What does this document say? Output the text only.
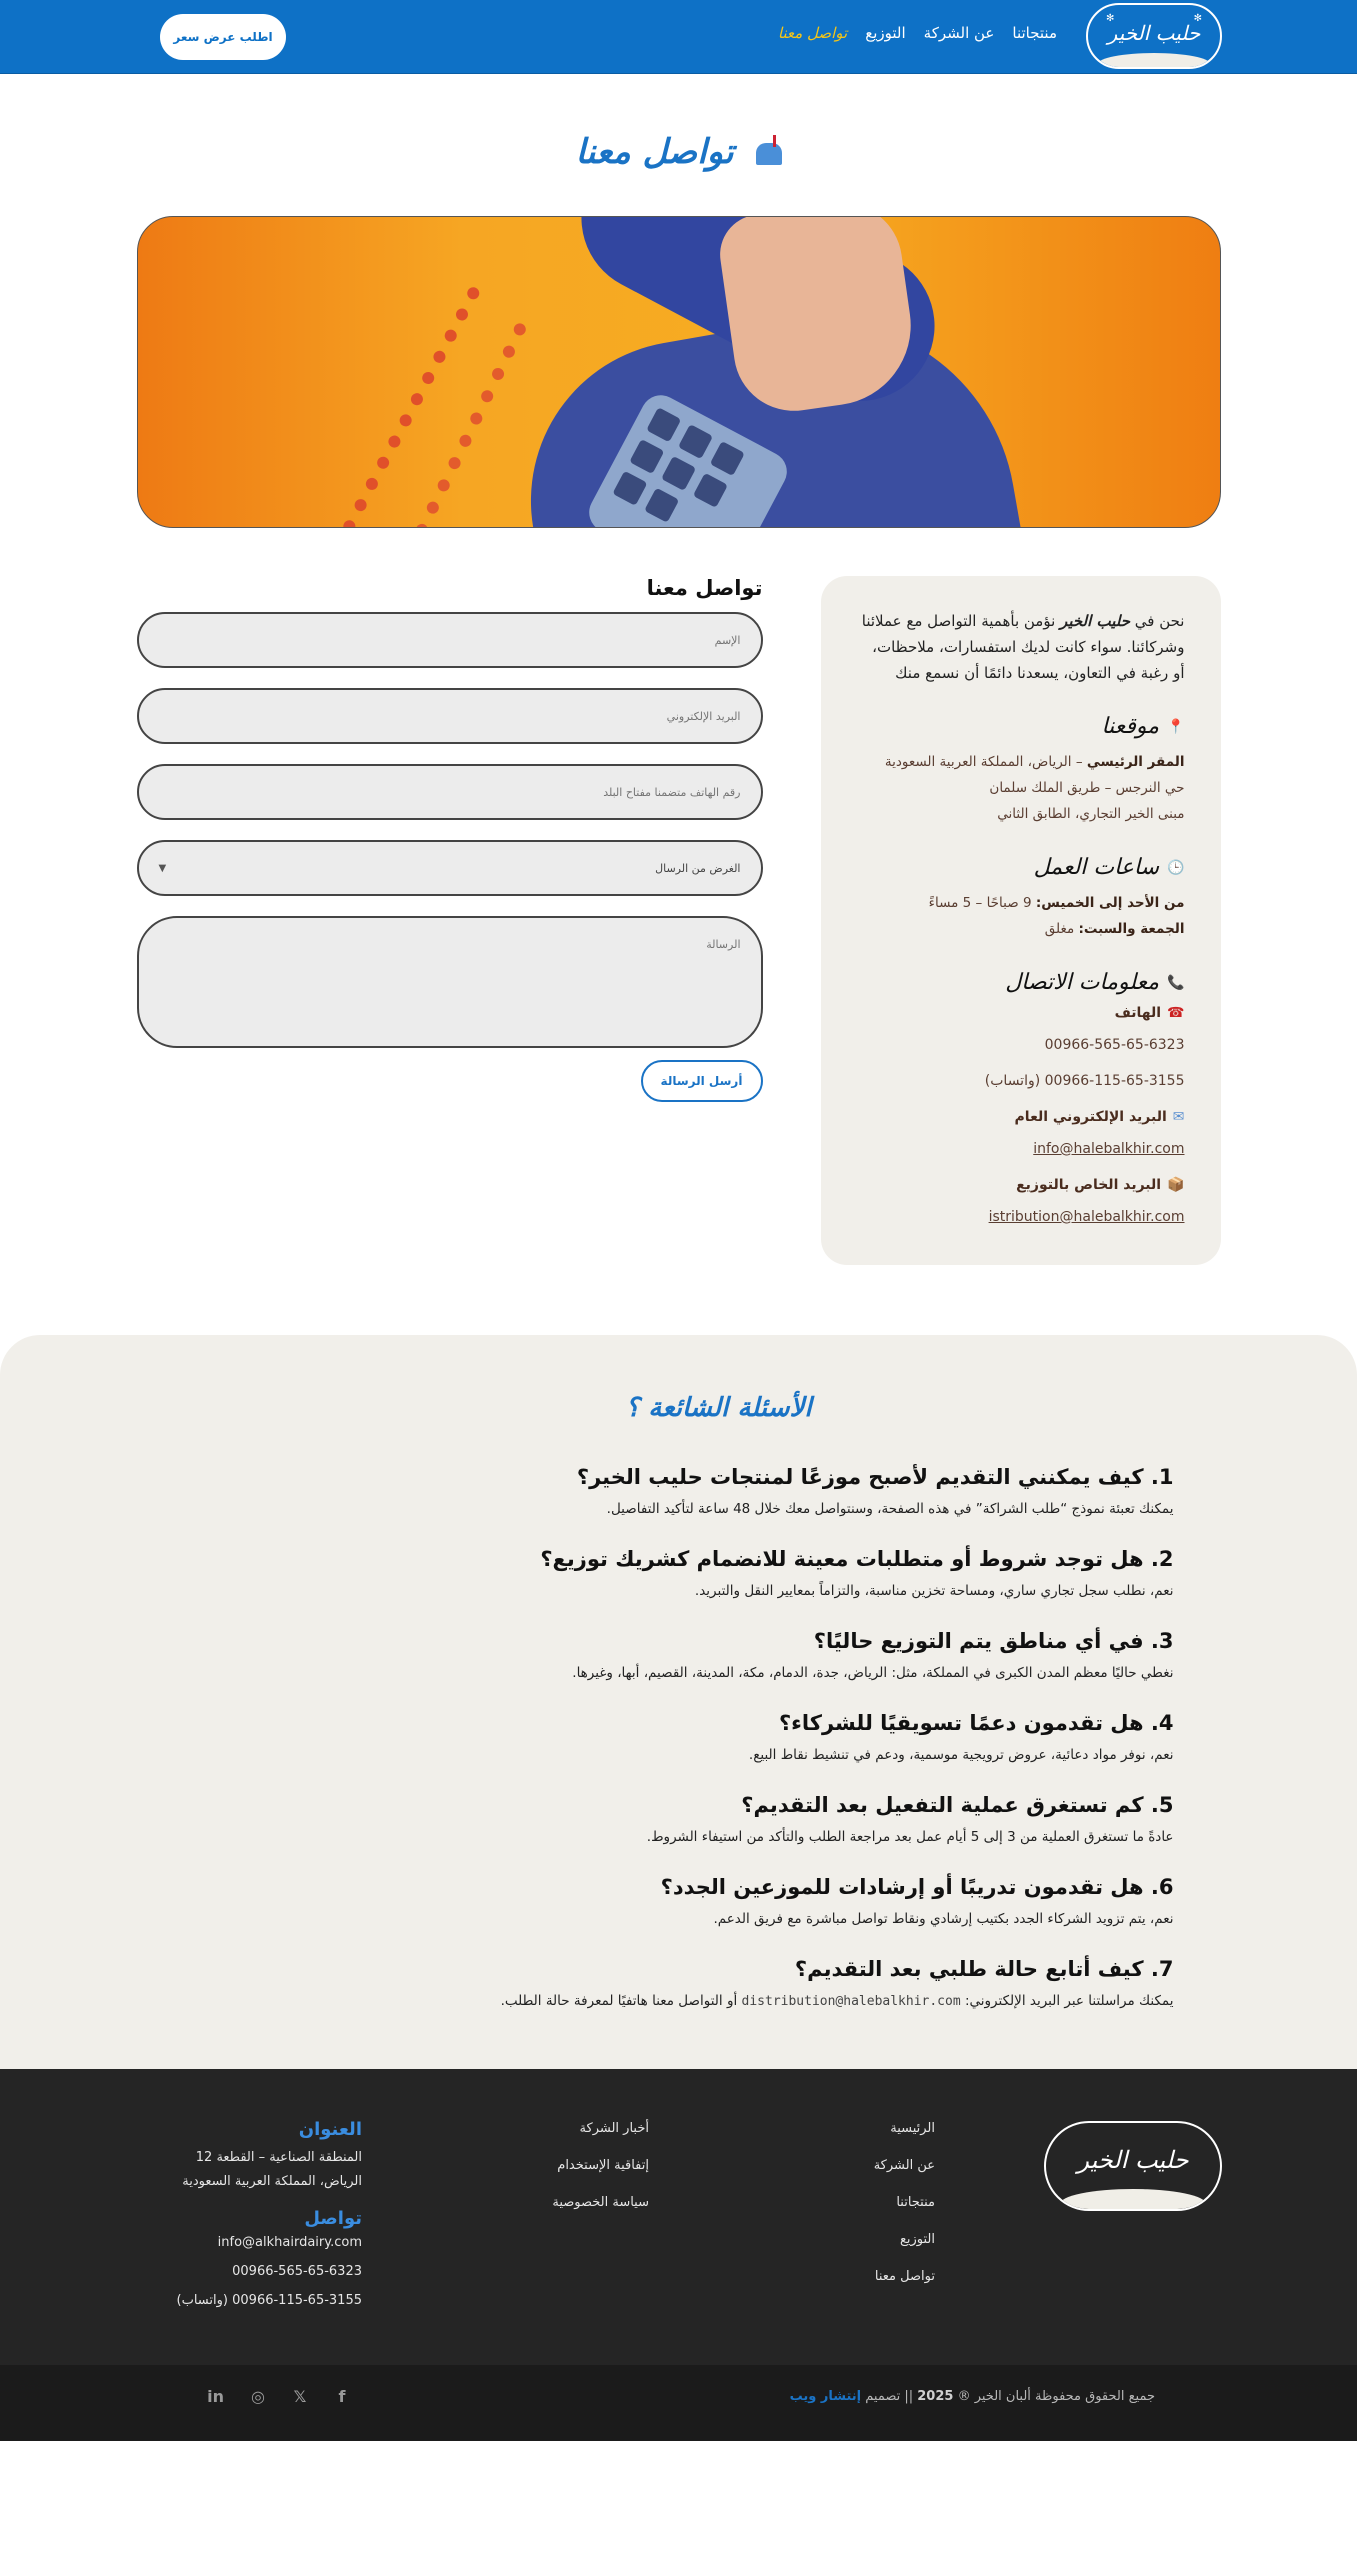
✻
✻
حليب الخير
منتجاتنا
عن الشركة
التوزيع
تواصل معنا
اطلب عرض سعر
تواصل معنا

نحن في حليب الخير نؤمن بأهمية التواصل مع عملائنا وشركائنا. سواء كانت لديك استفسارات، ملاحظات، أو رغبة في التعاون، يسعدنا دائمًا أن نسمع منك

📍
موقعنا
المقر الرئيسي – الرياض، المملكة العربية السعودية
حي النرجس – طريق الملك سلمان
مبنى الخير التجاري، الطابق الثاني
🕒
ساعات العمل
من الأحد إلى الخميس: 9 صباحًا – 5 مساءً
الجمعة والسبت: مغلق
📞
معلومات الاتصال
☎
الهاتف
00966-565-65-6323
00966-115-65-3155 (واتساب)
✉
البريد الإلكتروني العام
info@halebalkhir.com
📦
البريد الخاص بالتوزيع
istribution@halebalkhir.com
تواصل معنا
الإسم
البريد الإلكتروني
رقم الهاتف متضمنا مفتاح البلد
الغرض من الرسال
▼
الرسالة
أرسل الرسالة
الأسئلة الشائعة ؟
1. كيف يمكنني التقديم لأصبح موزعًا لمنتجات حليب الخير؟

يمكنك تعبئة نموذج “طلب الشراكة” في هذه الصفحة، وسنتواصل معك خلال 48 ساعة لتأكيد التفاصيل.

2. هل توجد شروط أو متطلبات معينة للانضمام كشريك توزيع؟

نعم، نطلب سجل تجاري ساري، ومساحة تخزين مناسبة، والتزاماً بمعايير النقل والتبريد.

3. في أي مناطق يتم التوزيع حاليًا؟

نغطي حاليًا معظم المدن الكبرى في المملكة، مثل: الرياض، جدة، الدمام، مكة، المدينة، القصيم، أبها، وغيرها.

4. هل تقدمون دعمًا تسويقيًا للشركاء؟

نعم، نوفر مواد دعائية، عروض ترويجية موسمية، ودعم في تنشيط نقاط البيع.

5. كم تستغرق عملية التفعيل بعد التقديم؟

عادةً ما تستغرق العملية من 3 إلى 5 أيام عمل بعد مراجعة الطلب والتأكد من استيفاء الشروط.

6. هل تقدمون تدريبًا أو إرشادات للموزعين الجدد؟

نعم، يتم تزويد الشركاء الجدد بكتيب إرشادي ونقاط تواصل مباشرة مع فريق الدعم.

7. كيف أتابع حالة طلبي بعد التقديم؟

يمكنك مراسلتنا عبر البريد الإلكتروني: distribution@halebalkhir.com أو التواصل معنا هاتفيًا لمعرفة حالة الطلب.

حليب الخير
الرئيسية
عن الشركة
منتجاتنا
التوزيع
تواصل معنا
أخبار الشركة
إتفاقية الإستخدام
سياسة الخصوصية
العنوان
المنطقة الصناعية – القطعة 12
الرياض، المملكة العربية السعودية
تواصل
info@alkhairdairy.com
00966-565-65-6323
00966-115-65-3155 (واتساب)
جميع الحقوق محفوظة ألبان الخير ® 2025 || تصميم إنتشار ويب
f
𝕏
◎
in
